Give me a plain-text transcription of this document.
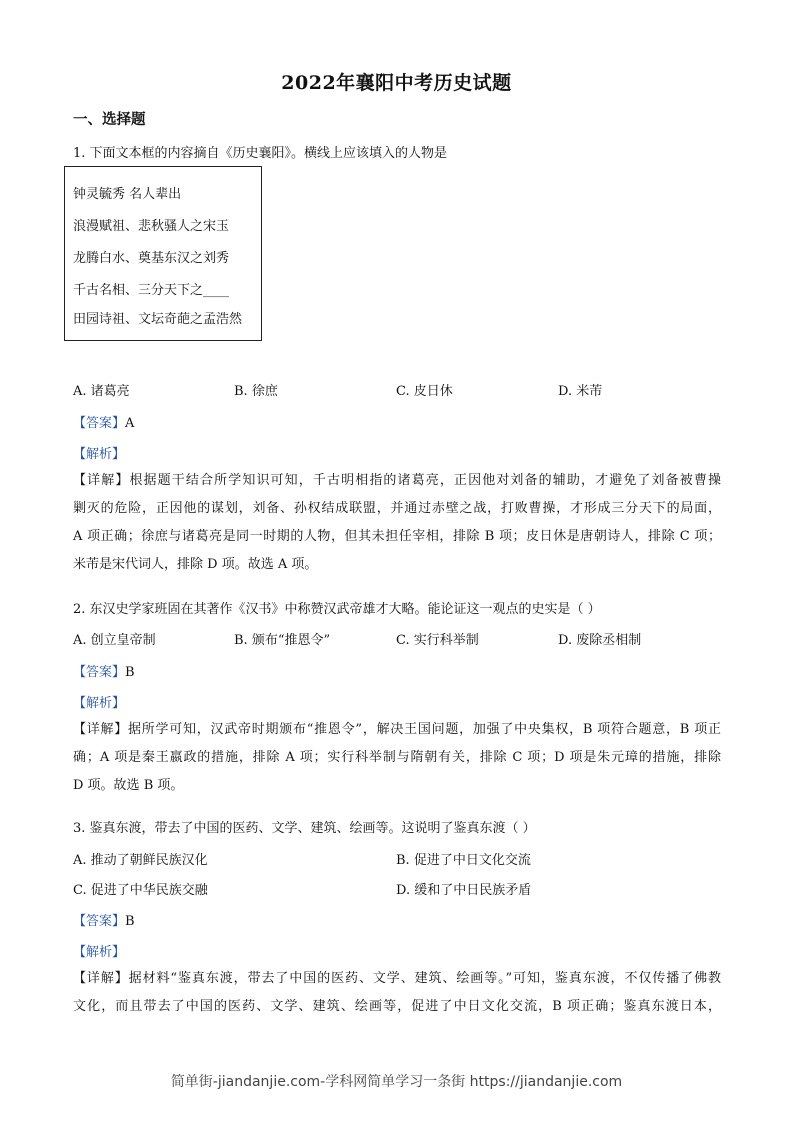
2022年襄阳中考历史试题
一、选择题
1. 下面文本框的内容摘自《历史襄阳》。横线上应该填入的人物是
钟灵毓秀 名人辈出
浪漫赋祖、悲秋骚人之宋玉
龙腾白水、奠基东汉之刘秀
千古名相、三分天下之____
田园诗祖、文坛奇葩之孟浩然
A. 诸葛亮	B. 徐庶	C. 皮日休	D. 米芾
【答案】A
【解析】
【详解】根据题干结合所学知识可知，千古明相指的诸葛亮，正因他对刘备的辅助，才避免了刘备被曹操
剿灭的危险，正因他的谋划，刘备、孙权结成联盟，并通过赤壁之战，打败曹操，才形成三分天下的局面，
A 项正确；徐庶与诸葛亮是同一时期的人物，但其未担任宰相，排除 B 项；皮日休是唐朝诗人，排除 C 项；
米芾是宋代词人，排除 D 项。故选 A 项。
2. 东汉史学家班固在其著作《汉书》中称赞汉武帝雄才大略。能论证这一观点的史实是（ ）
A. 创立皇帝制	B. 颁布“推恩令”	C. 实行科举制	D. 废除丞相制
【答案】B
【解析】
【详解】据所学可知，汉武帝时期颁布“推恩令”，解决王国问题，加强了中央集权，B 项符合题意，B 项正
确；A 项是秦王嬴政的措施，排除 A 项；实行科举制与隋朝有关，排除 C 项；D 项是朱元璋的措施，排除
D 项。故选 B 项。
3. 鉴真东渡，带去了中国的医药、文学、建筑、绘画等。这说明了鉴真东渡（ ）
A. 推动了朝鲜民族汉化	B. 促进了中日文化交流
C. 促进了中华民族交融	D. 缓和了中日民族矛盾
【答案】B
【解析】
【详解】据材料“鉴真东渡，带去了中国的医药、文学、建筑、绘画等。”可知，鉴真东渡，不仅传播了佛教
文化，而且带去了中国的医药、文学、建筑、绘画等，促进了中日文化交流，B 项正确；鉴真东渡日本，
简单街-jiandanjie.com-学科网简单学习一条街 https://jiandanjie.com
